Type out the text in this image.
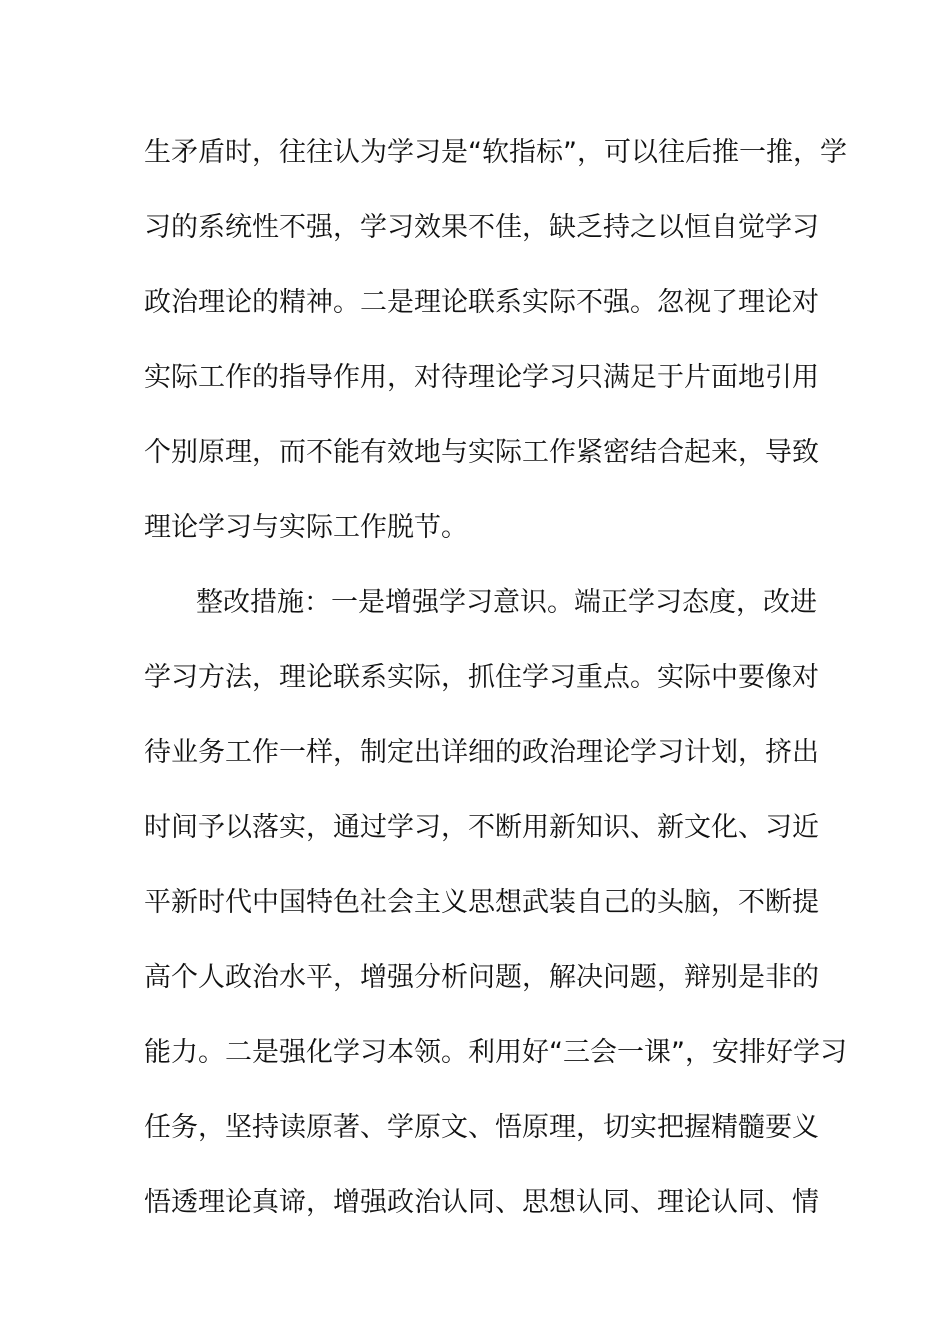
生矛盾时，往往认为学习是“软指标”，可以往后推一推，学
习的系统性不强，学习效果不佳，缺乏持之以恒自觉学习
政治理论的精神。二是理论联系实际不强。忽视了理论对
实际工作的指导作用，对待理论学习只满足于片面地引用
个别原理，而不能有效地与实际工作紧密结合起来，导致
理论学习与实际工作脱节。
整改措施：一是增强学习意识。端正学习态度，改进
学习方法，理论联系实际，抓住学习重点。实际中要像对
待业务工作一样，制定出详细的政治理论学习计划，挤出
时间予以落实，通过学习，不断用新知识、新文化、习近
平新时代中国特色社会主义思想武装自己的头脑，不断提
高个人政治水平，增强分析问题，解决问题，辩别是非的
能力。二是强化学习本领。利用好“三会一课”，安排好学习
任务，坚持读原著、学原文、悟原理，切实把握精髓要义
悟透理论真谛，增强政治认同、思想认同、理论认同、情
